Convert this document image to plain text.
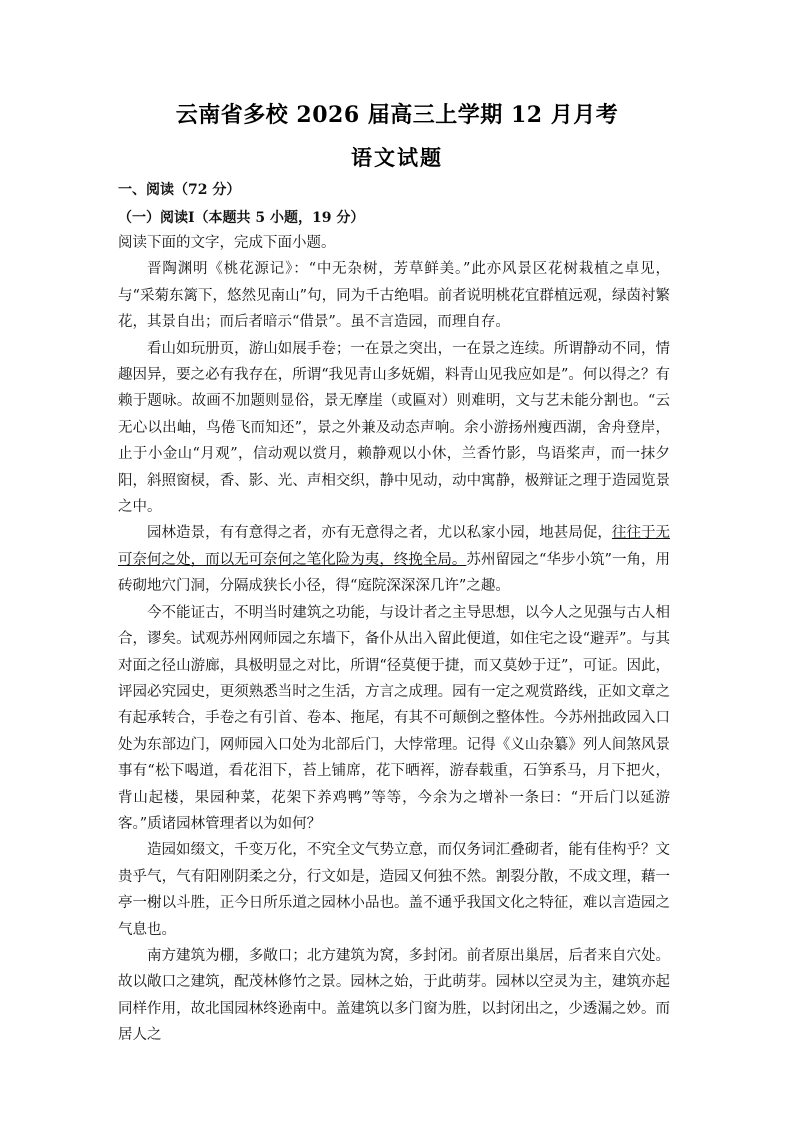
云南省多校 2026 届高三上学期 12 月月考
语文试题
一、阅读（72 分）
（一）阅读Ⅰ（本题共 5 小题，19 分）

阅读下面的文字，完成下面小题。

晋陶渊明《桃花源记》：“中无杂树，芳草鲜美。”此亦风景区花树栽植之卓见，与“采菊东篱下，悠然见南山”句，同为千古绝唱。前者说明桃花宜群植远观，绿茵衬繁花，其景自出；而后者暗示“借景”。虽不言造园，而理自存。

看山如玩册页，游山如展手卷；一在景之突出，一在景之连续。所谓静动不同，情趣因异，要之必有我存在，所谓“我见青山多妩媚，料青山见我应如是”。何以得之？有赖于题咏。故画不加题则显俗，景无摩崖（或匾对）则难明，文与艺未能分割也。“云无心以出岫，鸟倦飞而知还”，景之外兼及动态声响。余小游扬州瘦西湖，舍舟登岸，止于小金山“月观”，信动观以赏月，赖静观以小休，兰香竹影，鸟语桨声，而一抹夕阳，斜照窗棂，香、影、光、声相交织，静中见动，动中寓静，极辩证之理于造园览景之中。

园林造景，有有意得之者，亦有无意得之者，尤以私家小园，地甚局促，往往于无可奈何之处，而以无可奈何之笔化险为夷，终挽全局。苏州留园之“华步小筑”一角，用砖砌地穴门洞，分隔成狭长小径，得“庭院深深深几许”之趣。

今不能证古，不明当时建筑之功能，与设计者之主导思想，以今人之见强与古人相合，谬矣。试观苏州网师园之东墙下，备仆从出入留此便道，如住宅之设“避弄”。与其对面之径山游廊，具极明显之对比，所谓“径莫便于捷，而又莫妙于迂”，可证。因此，评园必究园史，更须熟悉当时之生活，方言之成理。园有一定之观赏路线，正如文章之有起承转合，手卷之有引首、卷本、拖尾，有其不可颠倒之整体性。今苏州拙政园入口处为东部边门，网师园入口处为北部后门，大悖常理。记得《义山杂纂》列人间煞风景事有“松下喝道，看花泪下，苔上铺席，花下晒裈，游春载重，石笋系马，月下把火，背山起楼，果园种菜，花架下养鸡鸭”等等，今余为之增补一条曰：“开后门以延游客。”质诸园林管理者以为如何？

造园如缀文，千变万化，不究全文气势立意，而仅务词汇叠砌者，能有佳构乎？文贵乎气，气有阳刚阴柔之分，行文如是，造园又何独不然。割裂分散，不成文理，藉一亭一榭以斗胜，正今日所乐道之园林小品也。盖不通乎我国文化之特征，难以言造园之气息也。

南方建筑为棚，多敞口；北方建筑为窝，多封闭。前者原出巢居，后者来自穴处。故以敞口之建筑，配茂林修竹之景。园林之始，于此萌芽。园林以空灵为主，建筑亦起同样作用，故北国园林终逊南中。盖建筑以多门窗为胜，以封闭出之，少透漏之妙。而居人之
